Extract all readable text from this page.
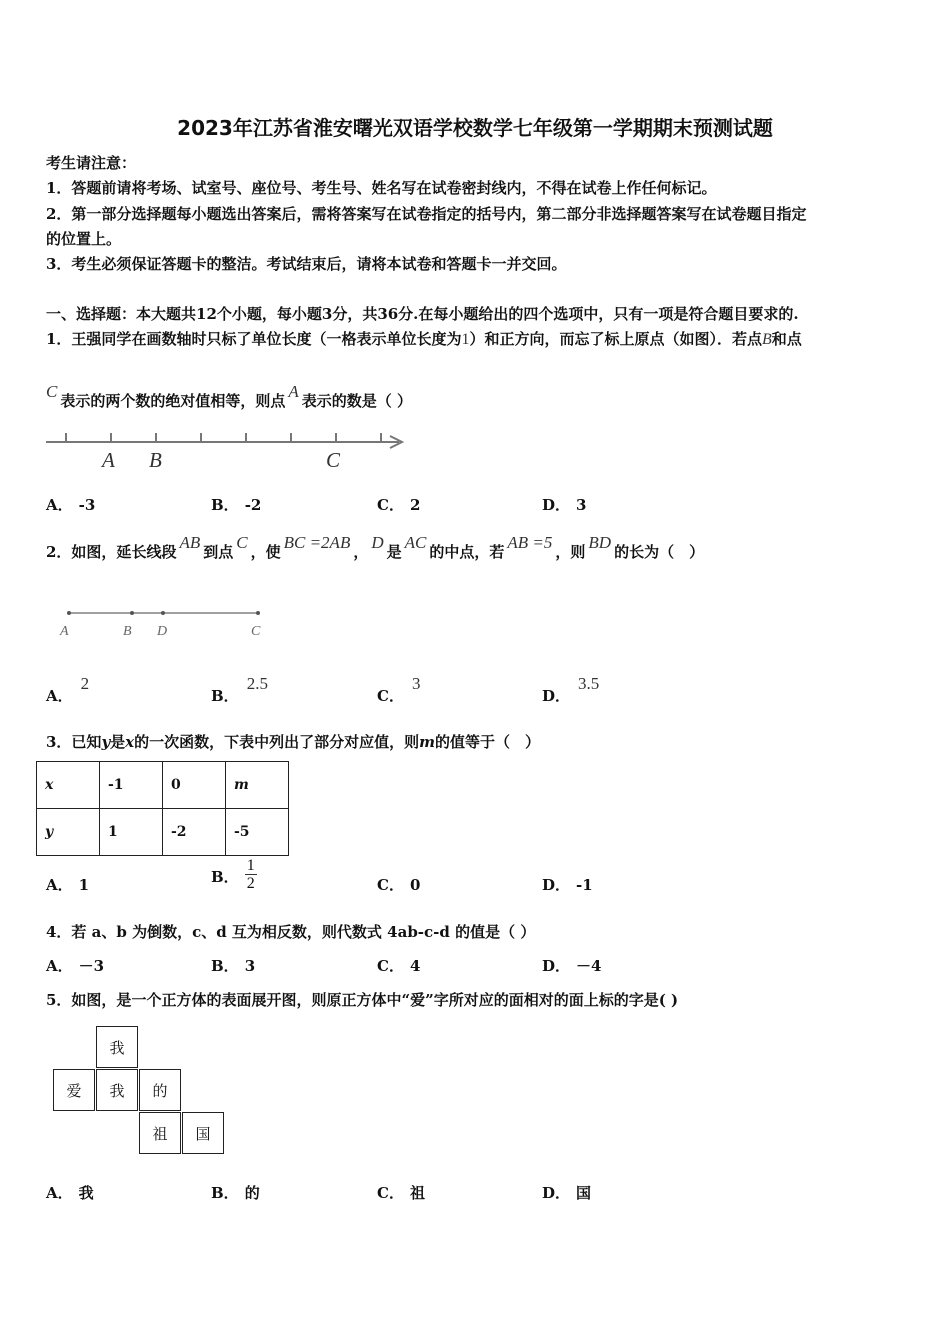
2023年江苏省淮安曙光双语学校数学七年级第一学期期末预测试题
考生请注意：
1．答题前请将考场、试室号、座位号、考生号、姓名写在试卷密封线内，不得在试卷上作任何标记。
2．第一部分选择题每小题选出答案后，需将答案写在试卷指定的括号内，第二部分非选择题答案写在试卷题目指定
的位置上。
3．考生必须保证答题卡的整洁。考试结束后，请将本试卷和答题卡一并交回。
一、选择题：本大题共12个小题，每小题3分，共36分.在每小题给出的四个选项中，只有一项是符合题目要求的.
1．王强同学在画数轴时只标了单位长度（一格表示单位长度为1）和正方向，而忘了标上原点（如图）．若点B和点
C 表示的两个数的绝对值相等，则点 A 表示的数是（ ）
A B	C
A． -3	B． -2	C． 2	D． 3
2．如图，延长线段 AB 到点 C ，使 BC =2AB ， D 是 AC 的中点，若 AB =5 ，则 BD 的长为（　）
A	B D	C
A．2
B．2.5
C．3
D．3.5
3．已知y是x的一次函数，下表中列出了部分对应值，则m的值等于（　）
x	-1	0	m
y	1	-2	-5
A． 1	B． $\frac{1}{2}$	C． 0	D． -1
4．若 a、b 为倒数，c、d 互为相反数，则代数式 4ab-c-d 的值是（ ）
A． －3	B． 3	C． 4	D． －4
5．如图，是一个正方体的表面展开图，则原正方体中“爱”字所对应的面相对的面上标的字是( )
我
爱	我	的
祖	国
A． 我	B． 的	C． 祖	D． 国
